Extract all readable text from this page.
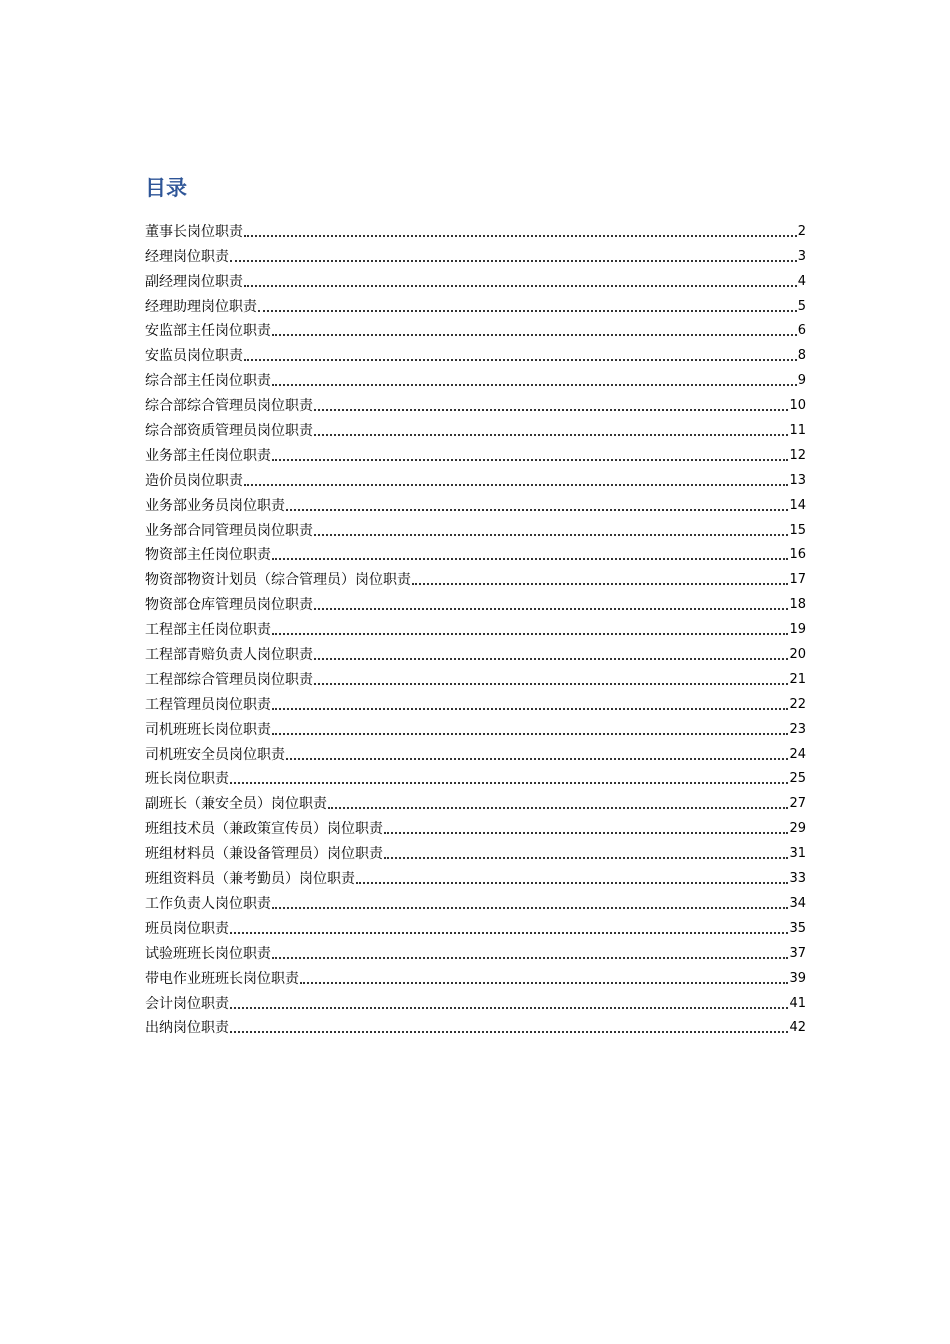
目录
董事长岗位职责	2
经理岗位职责	3
副经理岗位职责	4
经理助理岗位职责	5
安监部主任岗位职责	6
安监员岗位职责	8
综合部主任岗位职责	9
综合部综合管理员岗位职责	10
综合部资质管理员岗位职责	11
业务部主任岗位职责	12
造价员岗位职责	13
业务部业务员岗位职责	14
业务部合同管理员岗位职责	15
物资部主任岗位职责	16
物资部物资计划员（综合管理员）岗位职责	17
物资部仓库管理员岗位职责	18
工程部主任岗位职责	19
工程部青赔负责人岗位职责	20
工程部综合管理员岗位职责	21
工程管理员岗位职责	22
司机班班长岗位职责	23
司机班安全员岗位职责	24
班长岗位职责	25
副班长（兼安全员）岗位职责	27
班组技术员（兼政策宣传员）岗位职责	29
班组材料员（兼设备管理员）岗位职责	31
班组资料员（兼考勤员）岗位职责	33
工作负责人岗位职责	34
班员岗位职责	35
试验班班长岗位职责	37
带电作业班班长岗位职责	39
会计岗位职责	41
出纳岗位职责	42
